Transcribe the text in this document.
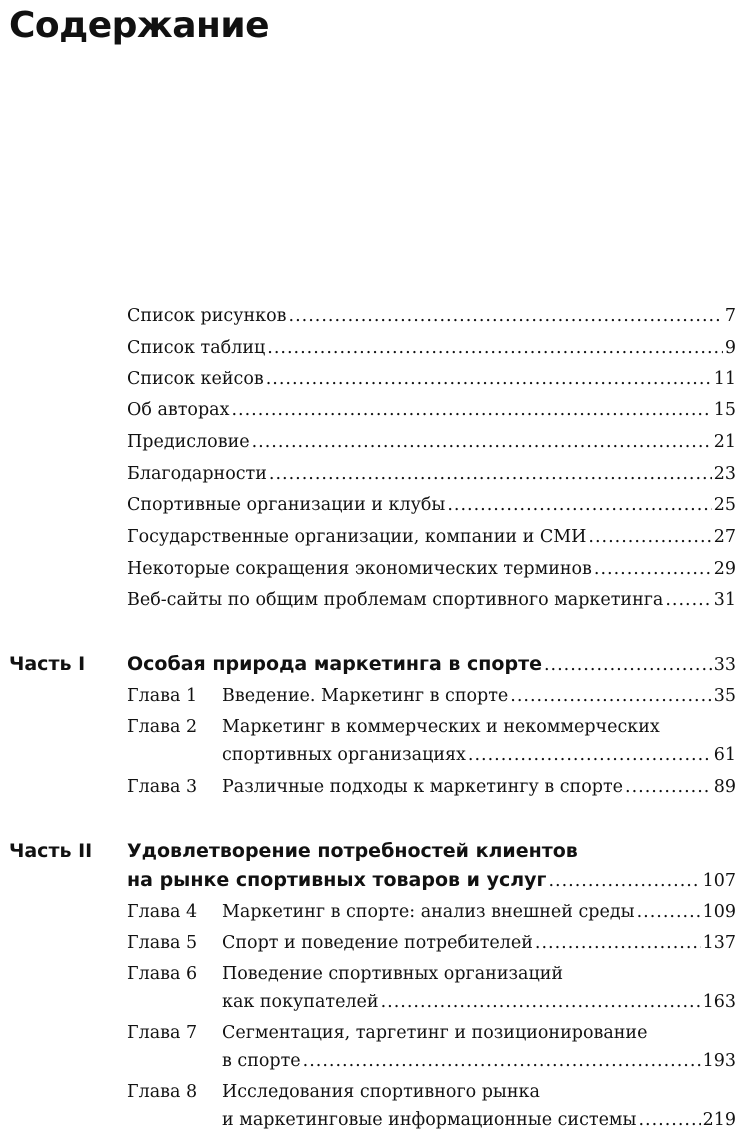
Содержание
Список рисунков .....	7
Список таблиц .....	9
Список кейсов .....	11
Об авторах .....	15
Предисловие .....	21
Благодарности .....	23
Спортивные организации и клубы .....	25
Государственные организации, компании и СМИ .....	27
Некоторые сокращения экономических терминов .....	29
Веб-сайты по общим проблемам спортивного маркетинга .....	31
Часть I Особая природа маркетинга в спорте .....	33
Глава 1 Введение. Маркетинг в спорте .....	35
Глава 2 Маркетинг в коммерческих и некоммерческих
спортивных организациях .....	61
Глава 3 Различные подходы к маркетингу в спорте .....	89
Часть II Удовлетворение потребностей клиентов
на рынке спортивных товаров и услуг .....	107
Глава 4 Маркетинг в спорте: анализ внешней среды .....	109
Глава 5 Спорт и поведение потребителей .....	137
Глава 6 Поведение спортивных организаций
как покупателей .....	163
Глава 7 Сегментация, таргетинг и позиционирование
в спорте .....	193
Глава 8 Исследования спортивного рынка
и маркетинговые информационные системы .....	219
